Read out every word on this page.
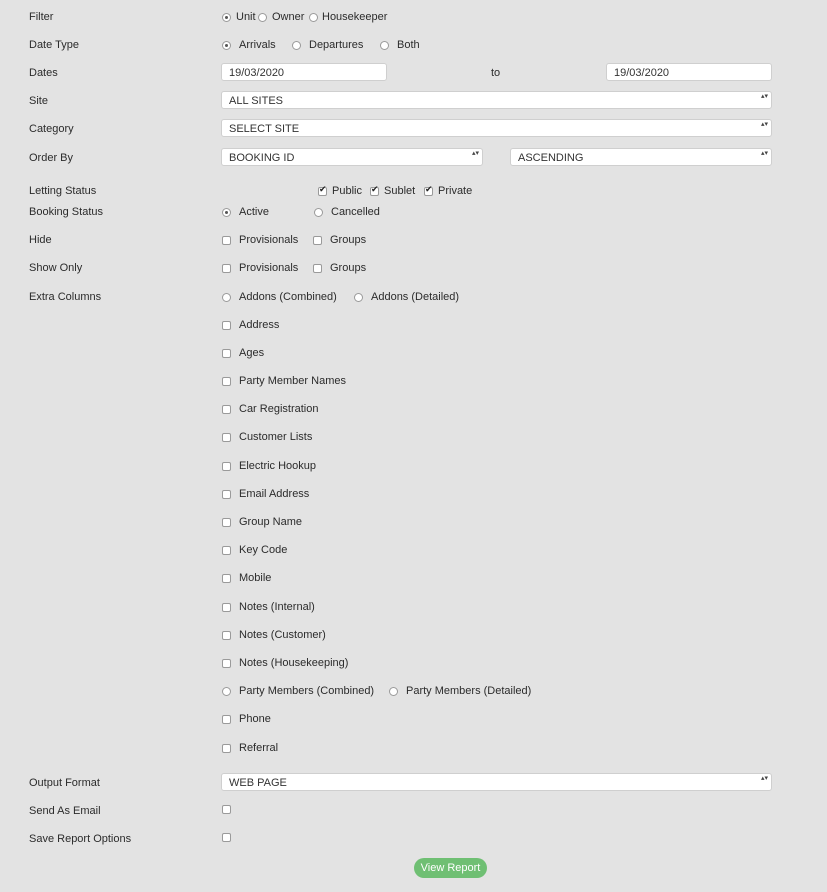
Filter	Unit Owner Housekeeper
Date Type	Arrivals	Departures	Both
Dates	19/03/2020	to	19/03/2020
Site	ALL SITES ▴▾
Category	SELECT SITE ▴▾
Order By	BOOKING ID ▴▾	ASCENDING ▴▾
Letting Status ✔	Public ✔ Sublet ✔ Private
Booking Status	Active	Cancelled
Hide	Provisionals	Groups
Show Only	Provisionals	Groups
Extra Columns	Addons (Combined)	Addons (Detailed)
Address
Ages
Party Member Names
Car Registration
Customer Lists
Electric Hookup
Email Address
Group Name
Key Code
Mobile
Notes (Internal)
Notes (Customer)
Notes (Housekeeping)
Party Members (Combined)	Party Members (Detailed)
Phone
Referral
Output Format	WEB PAGE ▴▾
Send As Email
Save Report Options
View Report
